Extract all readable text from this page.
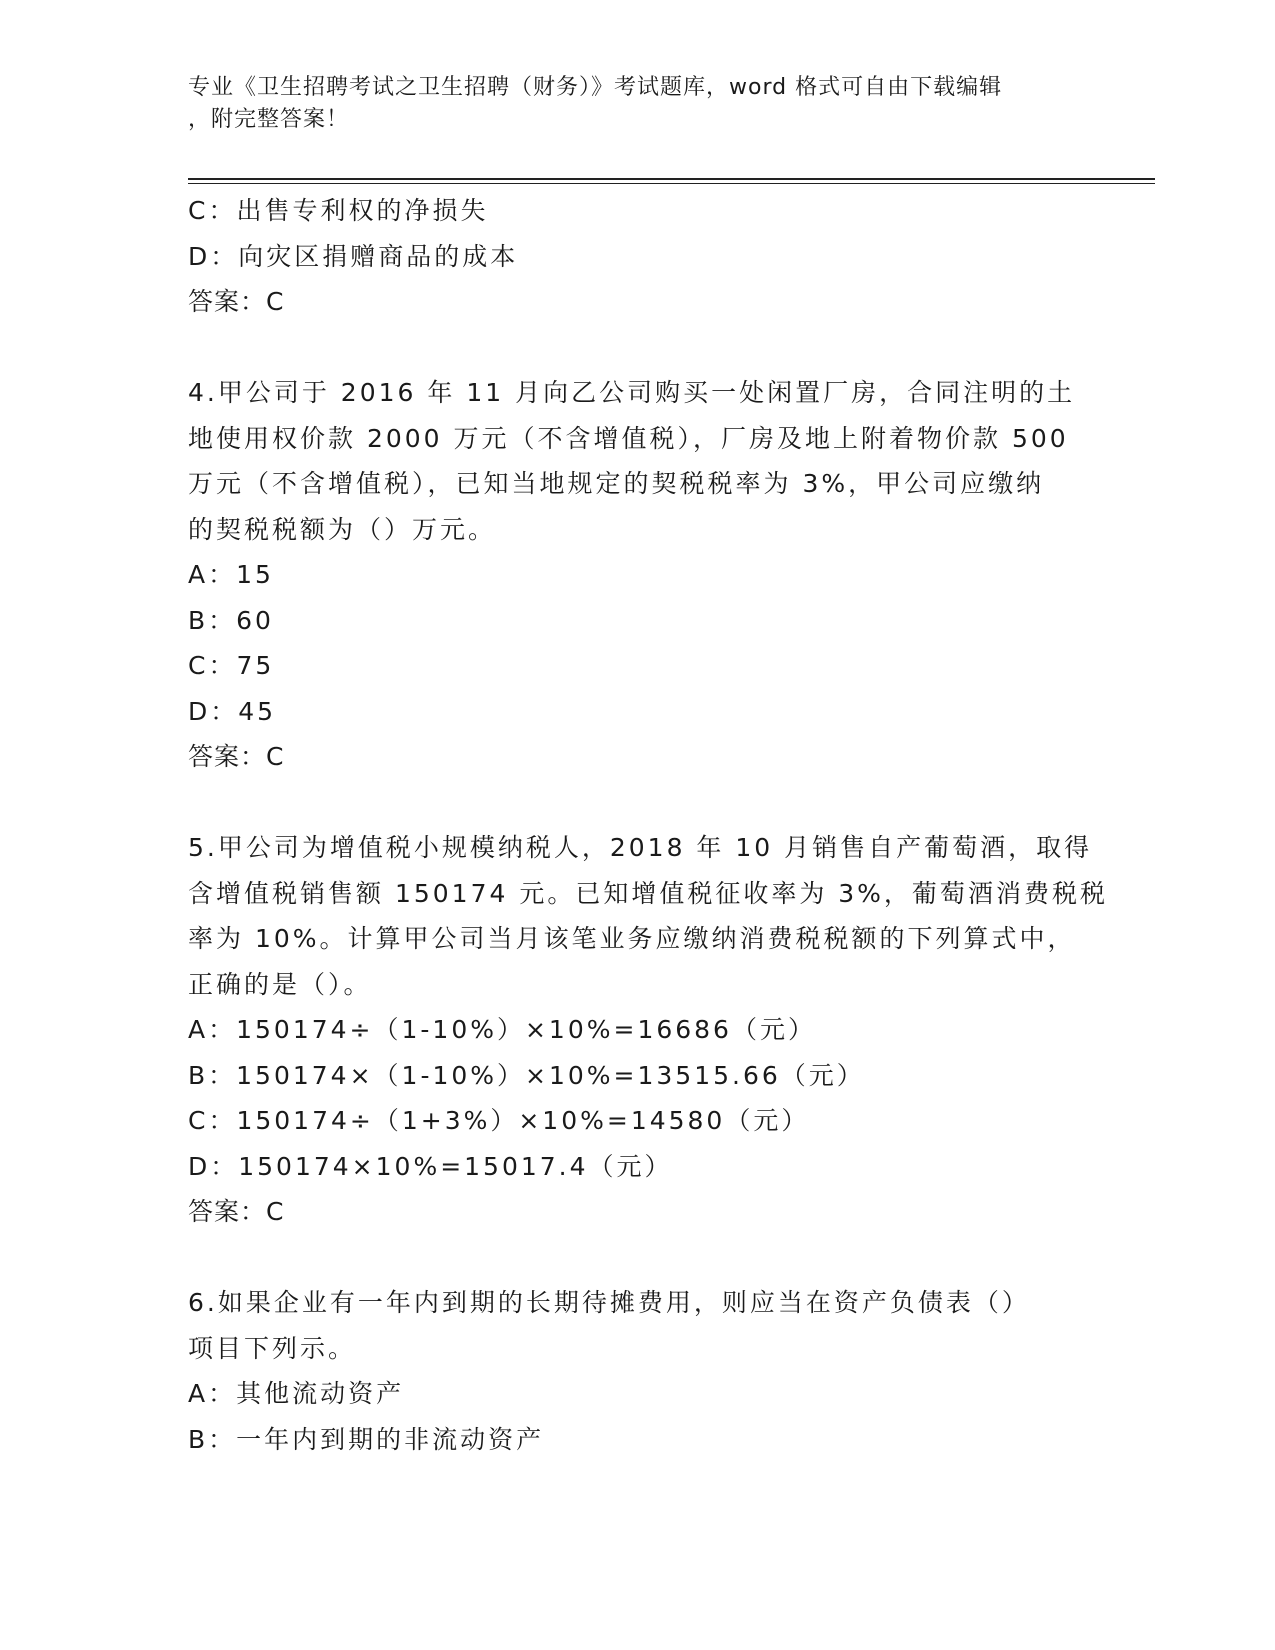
专业《卫生招聘考试之卫生招聘（财务）》考试题库，word 格式可自由下载编辑
，附完整答案！
C：出售专利权的净损失
D：向灾区捐赠商品的成本
答案：C
4.甲公司于 2016 年 11 月向乙公司购买一处闲置厂房，合同注明的土
地使用权价款 2000 万元（不含增值税），厂房及地上附着物价款 500
万元（不含增值税），已知当地规定的契税税率为 3%，甲公司应缴纳
的契税税额为（）万元。
A：15
B：60
C：75
D：45
答案：C
5.甲公司为增值税小规模纳税人，2018 年 10 月销售自产葡萄酒，取得
含增值税销售额 150174 元。已知增值税征收率为 3%，葡萄酒消费税税
率为 10%。计算甲公司当月该笔业务应缴纳消费税税额的下列算式中，
正确的是（）。
A：150174÷（1-10%）×10%=16686（元）
B：150174×（1-10%）×10%=13515.66（元）
C：150174÷（1+3%）×10%=14580（元）
D：150174×10%=15017.4（元）
答案：C
6.如果企业有一年内到期的长期待摊费用，则应当在资产负债表（）
项目下列示。
A：其他流动资产
B：一年内到期的非流动资产
